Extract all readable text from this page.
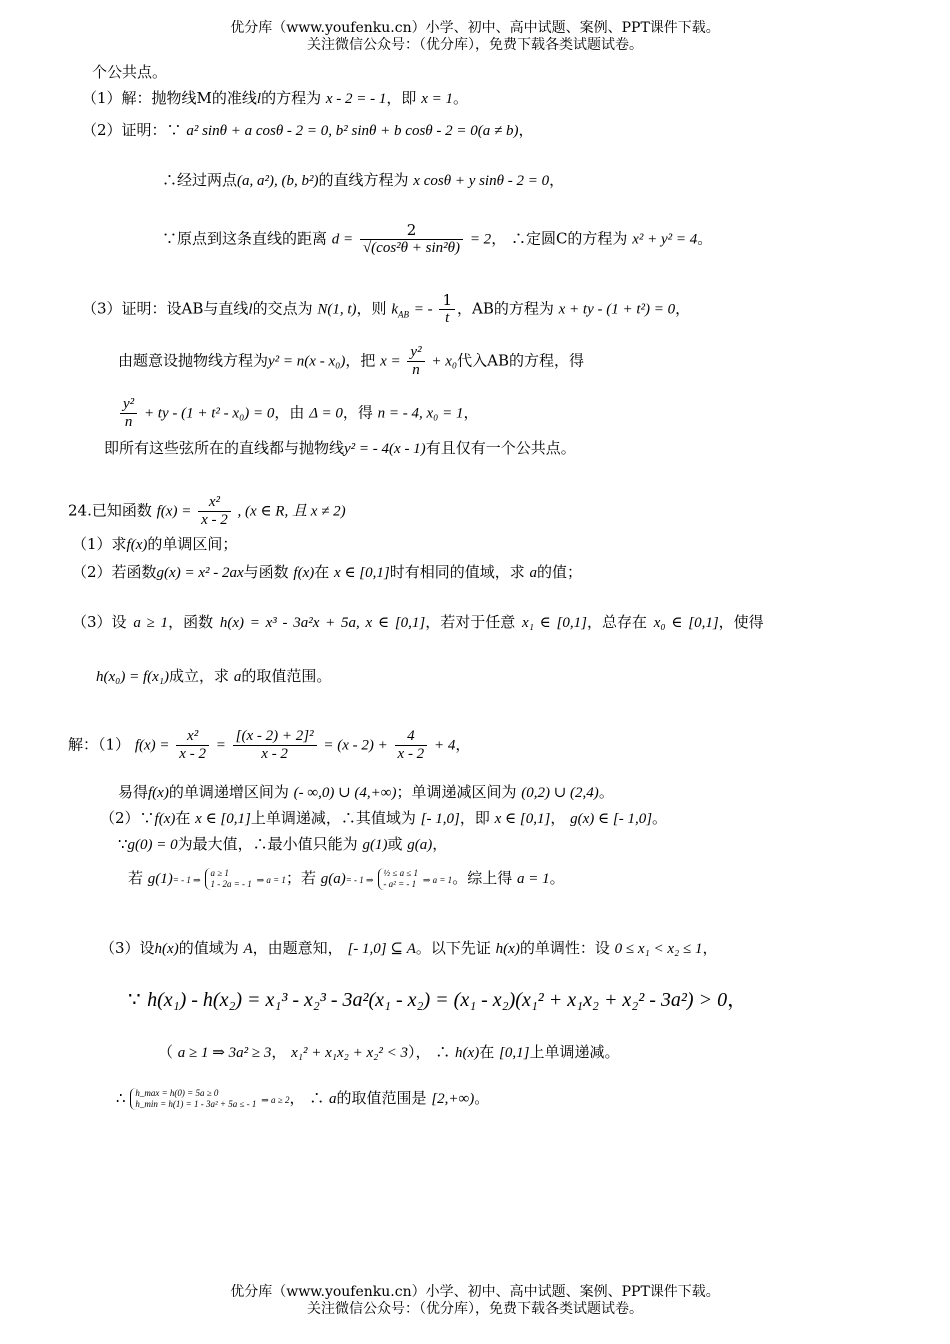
优分库（www.youfenku.cn）小学、初中、高中试题、案例、PPT课件下载。
关注微信公众号：（优分库），免费下载各类试题试卷。
个公共点。
（1）解：抛物线M的准线l的方程为 x - 2 = - 1，即 x = 1。
（2）证明：∵ a² sinθ + a cosθ - 2 = 0, b² sinθ + b cosθ - 2 = 0(a ≠ b)，
∴经过两点(a, a²), (b, b²)的直线方程为 x cosθ + y sinθ - 2 = 0，
∵原点到这条直线的距离 $d = \frac{2}{\text{√(cos²θ + sin²θ)}} = 2$， ∴定圆C的方程为 x² + y² = 4。
（3）证明：设AB与直线l的交点为 N(1, t)，则 $k_{AB}$ = - $\frac{1}{t}$ ，AB的方程为 x + ty - (1 + t²) = 0，
由题意设抛物线方程为y² = n(x - x₀)，把 $x = \frac{\text{y²}}{n} + x_0$代入AB的方程，得
$\frac{\text{y²}}{n}$ + ty - (1 + t² - x₀) = 0，由 Δ = 0，得 n = - 4, x₀ = 1，
即所有这些弦所在的直线都与抛物线y² = - 4(x - 1)有且仅有一个公共点。
24.已知函数 $f(x) = \frac{\text{x²}}{x - 2}$ , (x ∈ R, 且 x ≠ 2)
（1）求f(x)的单调区间；
（2）若函数g(x) = x² - 2ax与函数 f(x)在 x ∈ [0,1]时有相同的值域，求 a的值；
（3）设 a ≥ 1，函数 h(x) = x³ - 3a²x + 5a, x ∈ [0,1]，若对于任意 x₁ ∈ [0,1]，总存在 x₀ ∈ [0,1]，使得
h(x₀) = f(x₁)成立，求 a的取值范围。
解：（1） $f(x) = \frac{\text{x²}}{x - 2} = \frac{\text{[(x - 2) + 2]²}}{x - 2} = (x - 2) + \frac{4}{x - 2} + 4$，
易得f(x)的单调递增区间为 (- ∞,0) ∪ (4,+∞)；单调递减区间为 (0,2) ∪ (2,4)。
（2）∵f(x)在 x ∈ [0,1]上单调递减，∴其值域为 [- 1,0]，即 x ∈ [0,1]， g(x) ∈ [- 1,0]。
∵g(0) = 0为最大值，∴最小值只能为 g(1)或 g(a)，
若 g(1)= - 1 ⇒
a ≥ 1
1 - 2a = - 1 ⇒ a = 1；若 g(a)= - 1 ⇒
½ ≤ a ≤ 1
- a² = - 1 ⇒ a = 1。综上得 a = 1。
（3）设h(x)的值域为 A，由题意知， [- 1,0] ⊆ A。以下先证 h(x)的单调性：设 0 ≤ x₁ < x₂ ≤ 1，
∵ h(x₁) - h(x₂) = x₁³ - x₂³ - 3a²(x₁ - x₂) = (x₁ - x₂)(x₁² + x₁x₂ + x₂² - 3a²) > 0，
（ a ≥ 1 ⇒ 3a² ≥ 3， x₁² + x₁x₂ + x₂² < 3）， ∴ h(x)在 [0,1]上单调递减。
∴ h_max = h(0) = 5a ≥ 0
h_min = h(1) = 1 - 3a² + 5a ≤ - 1 ⇒ a ≥ 2， ∴ a的取值范围是 [2,+∞)。
优分库（www.youfenku.cn）小学、初中、高中试题、案例、PPT课件下载。
关注微信公众号：（优分库），免费下载各类试题试卷。
